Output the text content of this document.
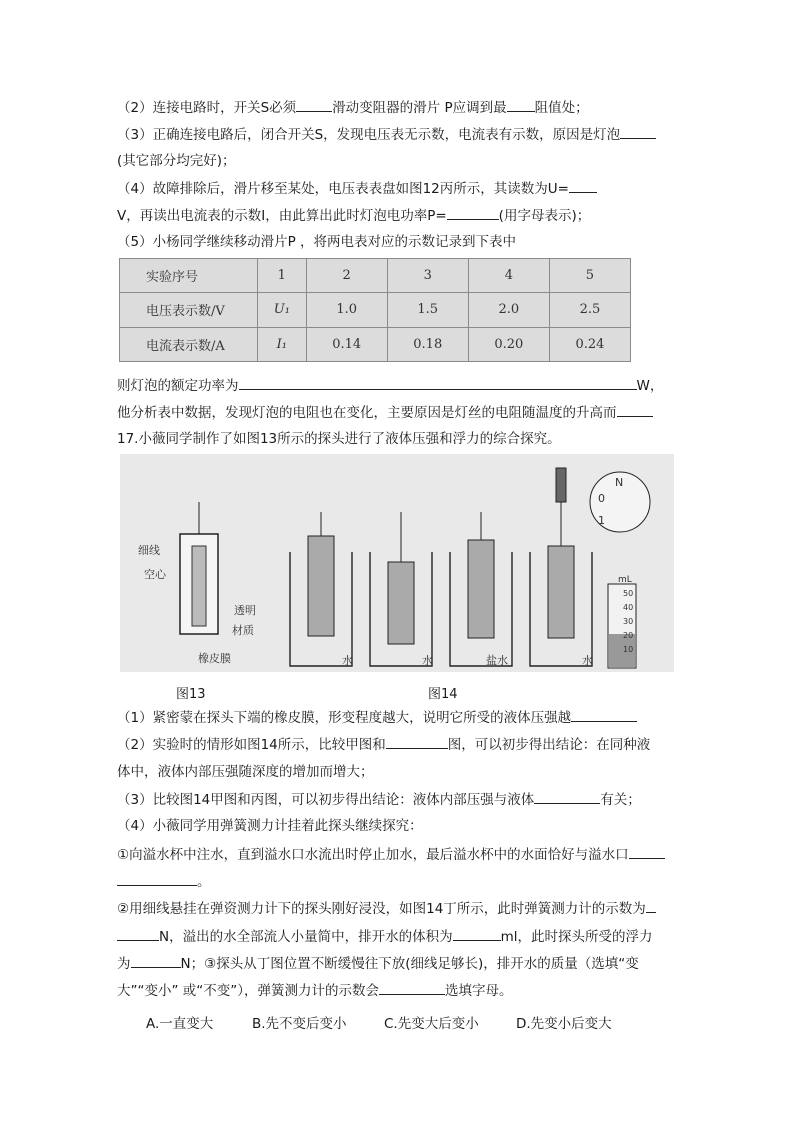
（2）连接电路时，开关S必须	滑动变阻器的滑片 P应调到最 阻值处；
（3）正确连接电路后，闭合开关S，发现电压表无示数，电流表有示数，原因是灯泡
(其它部分均完好)；
（4）故障排除后，滑片移至某处，电压表表盘如图12丙所示，其读数为U=
V，再读出电流表的示数I，由此算出此时灯泡电功率P=	(用字母表示)；
（5）小杨同学继续移动滑片P ，将两电表对应的示数记录到下表中
实验序号	1	2	3	4	5
电压表示数/V	U₁	1.0	1.5	2.0	2.5
电流表示数/A	I₁	0.14	0.18	0.20	0.24
则灯泡的额定功率为	W，
他分析表中数据，发现灯泡的电阻也在变化，主要原因是灯丝的电阻随温度的升高而
17.小薇同学制作了如图13所示的探头进行了液体压强和浮力的综合探究。
细线
空心
透明
材质
橡皮膜
N
0
1
mL
50
40
30
20
10
水	水	盐水	水
图13	图14
（1）紧密蒙在探头下端的橡皮膜，形变程度越大，说明它所受的液体压强越
（2）实验时的情形如图14所示，比较甲图和	图，可以初步得出结论：在同种液
体中，液体内部压强随深度的增加而增大；
（3）比较图14甲图和丙图，可以初步得出结论：液体内部压强与液体	有关；
（4）小薇同学用弹簧测力计挂着此探头继续探究：
①向溢水杯中注水，直到溢水口水流出时停止加水，最后溢水杯中的水面恰好与溢水口
。
②用细线悬挂在弹资测力计下的探头刚好浸没，如图14丁所示，此时弹簧测力计的示数为
N，溢出的水全部流人小量简中，排开水的体积为	ml，此时探头所受的浮力
为	N；③探头从丁图位置不断缓慢往下放(细线足够长)，排开水的质量（选填“变
大”“变小” 或“不变”），弹簧测力计的示数会	选填字母。
A.一直变大	B.先不变后变小	C.先变大后变小	D.先变小后变大
